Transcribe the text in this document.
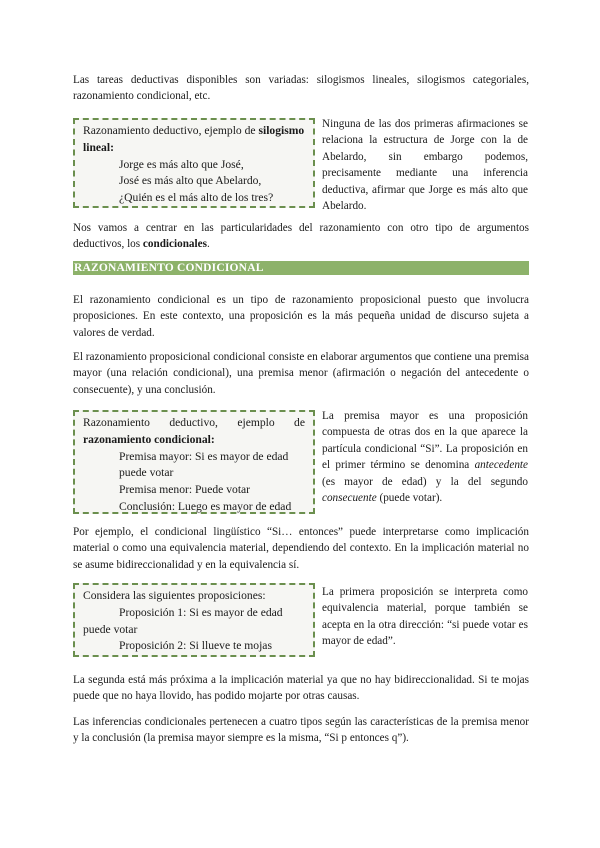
Las tareas deductivas disponibles son variadas: silogismos lineales, silogismos categoriales, razonamiento condicional, etc.

Razonamiento deductivo, ejemplo de silogismo lineal:

Jorge es más alto que José,

José es más alto que Abelardo,

¿Quién es el más alto de los tres?

Ninguna de las dos primeras afirmaciones se relaciona la estructura de Jorge con la de Abelardo, sin embargo podemos, precisamente mediante una inferencia deductiva, afirmar que Jorge es más alto que Abelardo.

Nos vamos a centrar en las particularidades del razonamiento con otro tipo de argumentos deductivos, los condicionales.

RAZONAMIENTO CONDICIONAL

El razonamiento condicional es un tipo de razonamiento proposicional puesto que involucra proposiciones. En este contexto, una proposición es la más pequeña unidad de discurso sujeta a valores de verdad.

El razonamiento proposicional condicional consiste en elaborar argumentos que contiene una premisa mayor (una relación condicional), una premisa menor (afirmación o negación del antecedente o consecuente), y una conclusión.

Razonamiento deductivo, ejemplo de

razonamiento condicional:

Premisa mayor: Si es mayor de edad puede votar

Premisa menor: Puede votar

Conclusión: Luego es mayor de edad

La premisa mayor es una proposición compuesta de otras dos en la que aparece la partícula condicional “Si”. La proposición en el primer término se denomina antecedente (es mayor de edad) y la del segundo consecuente (puede votar).

Por ejemplo, el condicional lingüístico “Si… entonces” puede interpretarse como implicación material o como una equivalencia material, dependiendo del contexto. En la implicación material no se asume bidireccionalidad y en la equivalencia sí.

Considera las siguientes proposiciones:

Proposición 1: Si es mayor de edad puede votar

Proposición 2: Si llueve te mojas

La primera proposición se interpreta como equivalencia material, porque también se acepta en la otra dirección: “si puede votar es mayor de edad”.

La segunda está más próxima a la implicación material ya que no hay bidireccionalidad. Si te mojas puede que no haya llovido, has podido mojarte por otras causas.

Las inferencias condicionales pertenecen a cuatro tipos según las características de la premisa menor y la conclusión (la premisa mayor siempre es la misma, “Si p entonces q”).
